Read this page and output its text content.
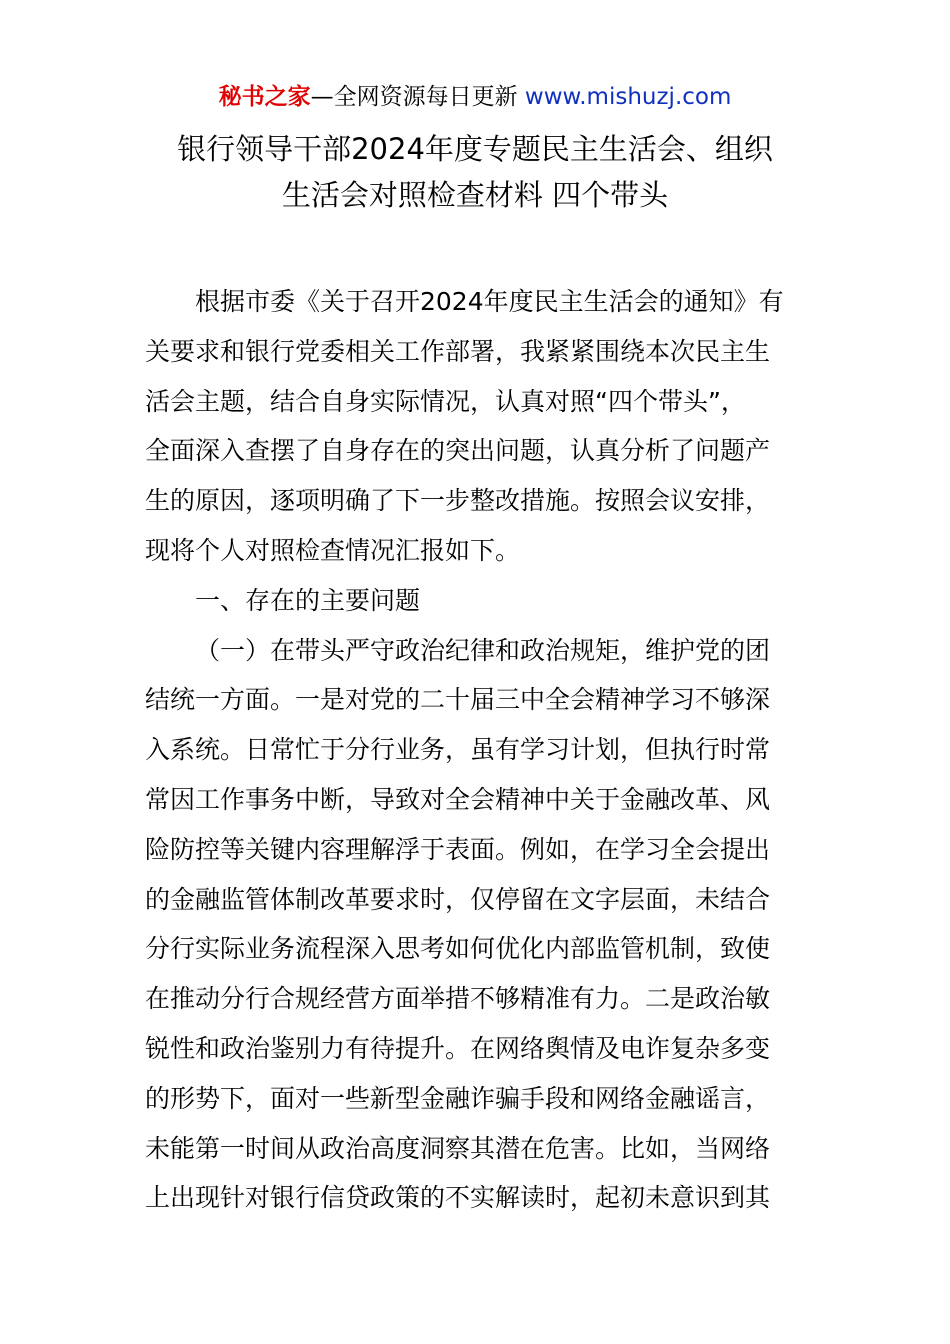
秘书之家—全网资源每日更新 www.mishuzj.com
银行领导干部2024年度专题民主生活会、组织
生活会对照检查材料 四个带头
根据市委《关于召开2024年度民主生活会的通知》有
关要求和银行党委相关工作部署，我紧紧围绕本次民主生
活会主题，结合自身实际情况，认真对照“四个带头”，
全面深入查摆了自身存在的突出问题，认真分析了问题产
生的原因，逐项明确了下一步整改措施。按照会议安排，
现将个人对照检查情况汇报如下。
一、存在的主要问题
（一）在带头严守政治纪律和政治规矩，维护党的团
结统一方面。一是对党的二十届三中全会精神学习不够深
入系统。日常忙于分行业务，虽有学习计划，但执行时常
常因工作事务中断，导致对全会精神中关于金融改革、风
险防控等关键内容理解浮于表面。例如，在学习全会提出
的金融监管体制改革要求时，仅停留在文字层面，未结合
分行实际业务流程深入思考如何优化内部监管机制，致使
在推动分行合规经营方面举措不够精准有力。二是政治敏
锐性和政治鉴别力有待提升。在网络舆情及电诈复杂多变
的形势下，面对一些新型金融诈骗手段和网络金融谣言，
未能第一时间从政治高度洞察其潜在危害。比如，当网络
上出现针对银行信贷政策的不实解读时，起初未意识到其
